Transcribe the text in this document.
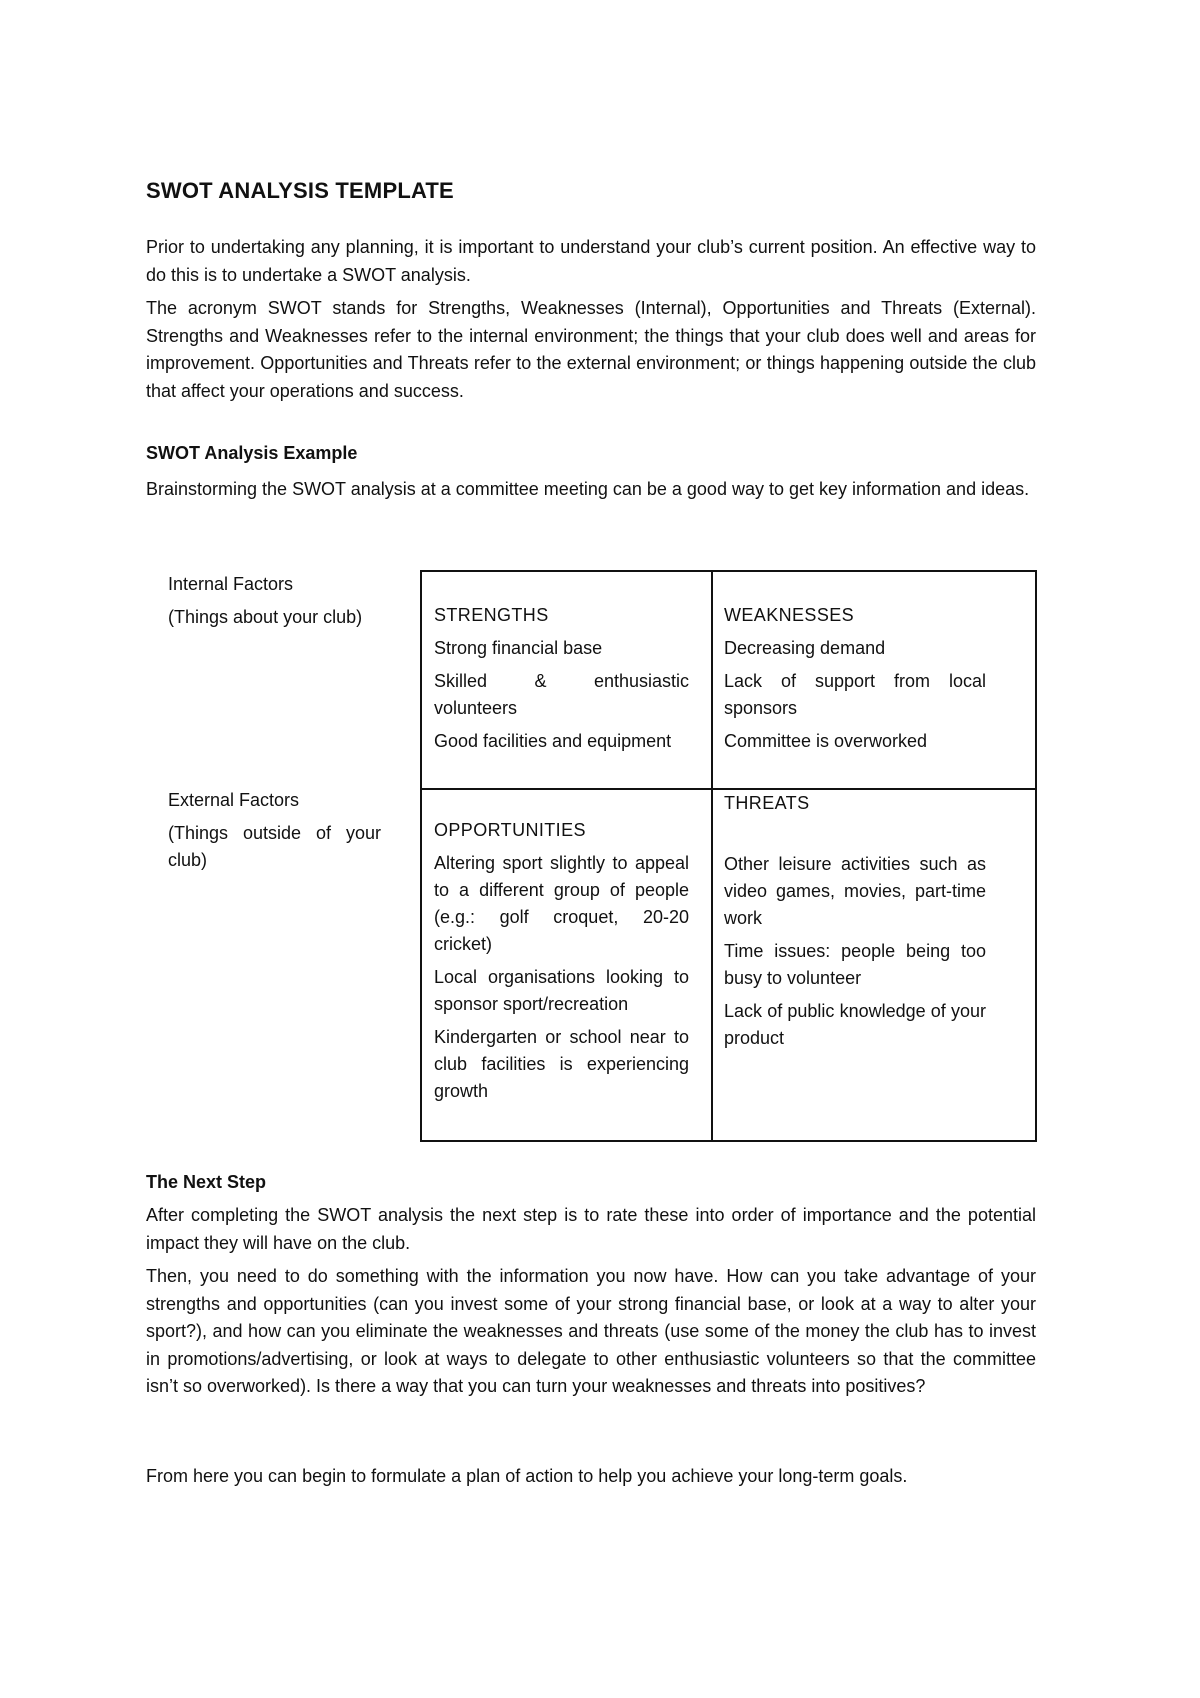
SWOT ANALYSIS TEMPLATE

Prior to undertaking any planning, it is important to understand your club’s current position. An effective way to do this is to undertake a SWOT analysis.

The acronym SWOT stands for Strengths, Weaknesses (Internal), Opportunities and Threats (External). Strengths and Weaknesses refer to the internal environment; the things that your club does well and areas for improvement. Opportunities and Threats refer to the external environment; or things happening outside the club that affect your operations and success.

SWOT Analysis Example

Brainstorming the SWOT analysis at a committee meeting can be a good way to get key information and ideas.

Internal Factors
(Things about your club)
External Factors
(Things outside of your club)
STRENGTHS
Strong financial base
Skilled & enthusiastic volunteers
Good facilities and equipment
WEAKNESSES
Decreasing demand
Lack of support from local sponsors
Committee is overworked
OPPORTUNITIES
Altering sport slightly to appeal to a different group of people (e.g.: golf croquet, 20-20 cricket)
Local organisations looking to sponsor sport/recreation
Kindergarten or school near to club facilities is experiencing growth
THREATS
Other leisure activities such as video games, movies, part-time work
Time issues: people being too busy to volunteer
Lack of public knowledge of your product
The Next Step

After completing the SWOT analysis the next step is to rate these into order of importance and the potential impact they will have on the club.

Then, you need to do something with the information you now have. How can you take advantage of your strengths and opportunities (can you invest some of your strong financial base, or look at a way to alter your sport?), and how can you eliminate the weaknesses and threats (use some of the money the club has to invest in promotions/advertising, or look at ways to delegate to other enthusiastic volunteers so that the committee isn’t so overworked). Is there a way that you can turn your weaknesses and threats into positives?

From here you can begin to formulate a plan of action to help you achieve your long-term goals.
